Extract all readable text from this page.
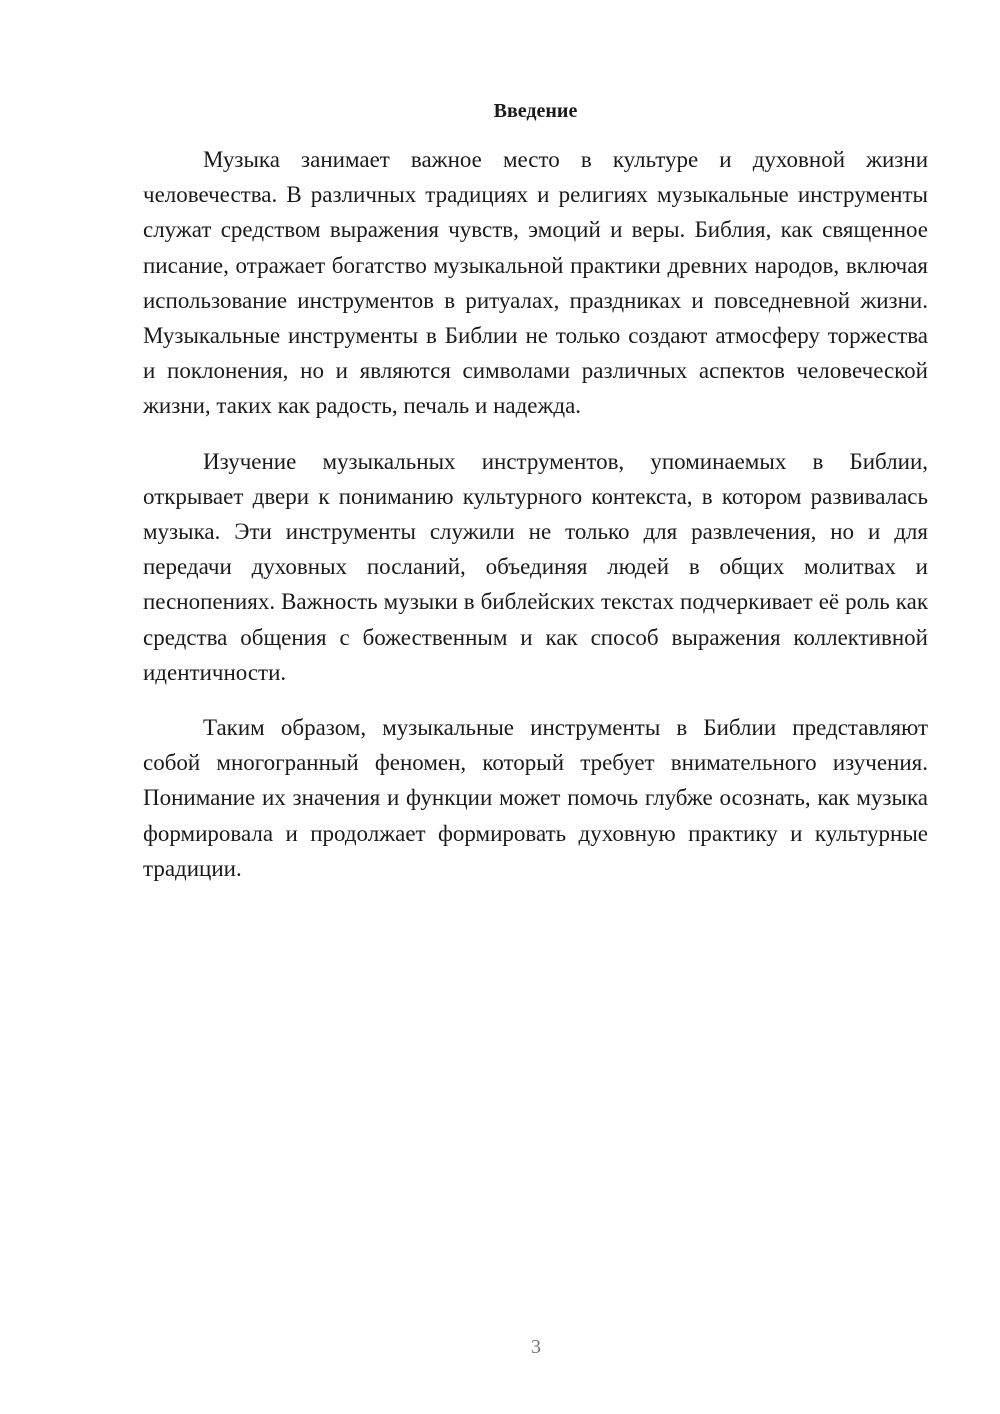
Введение

Музыка занимает важное место в культуре и духовной жизни человечества. В различных традициях и религиях музыкальные инструменты служат средством выражения чувств, эмоций и веры. Библия, как священное писание, отражает богатство музыкальной практики древних народов, включая использование инструментов в ритуалах, праздниках и повседневной жизни. Музыкальные инструменты в Библии не только создают атмосферу торжества и поклонения, но и являются символами различных аспектов человеческой жизни, таких как радость, печаль и надежда.

Изучение музыкальных инструментов, упоминаемых в Библии, открывает двери к пониманию культурного контекста, в котором развивалась музыка. Эти инструменты служили не только для развлечения, но и для передачи духовных посланий, объединяя людей в общих молитвах и песнопениях. Важность музыки в библейских текстах подчеркивает её роль как средства общения с божественным и как способ выражения коллективной идентичности.

Таким образом, музыкальные инструменты в Библии представляют собой многогранный феномен, который требует внимательного изучения. Понимание их значения и функции может помочь глубже осознать, как музыка формировала и продолжает формировать духовную практику и культурные традиции.

3
